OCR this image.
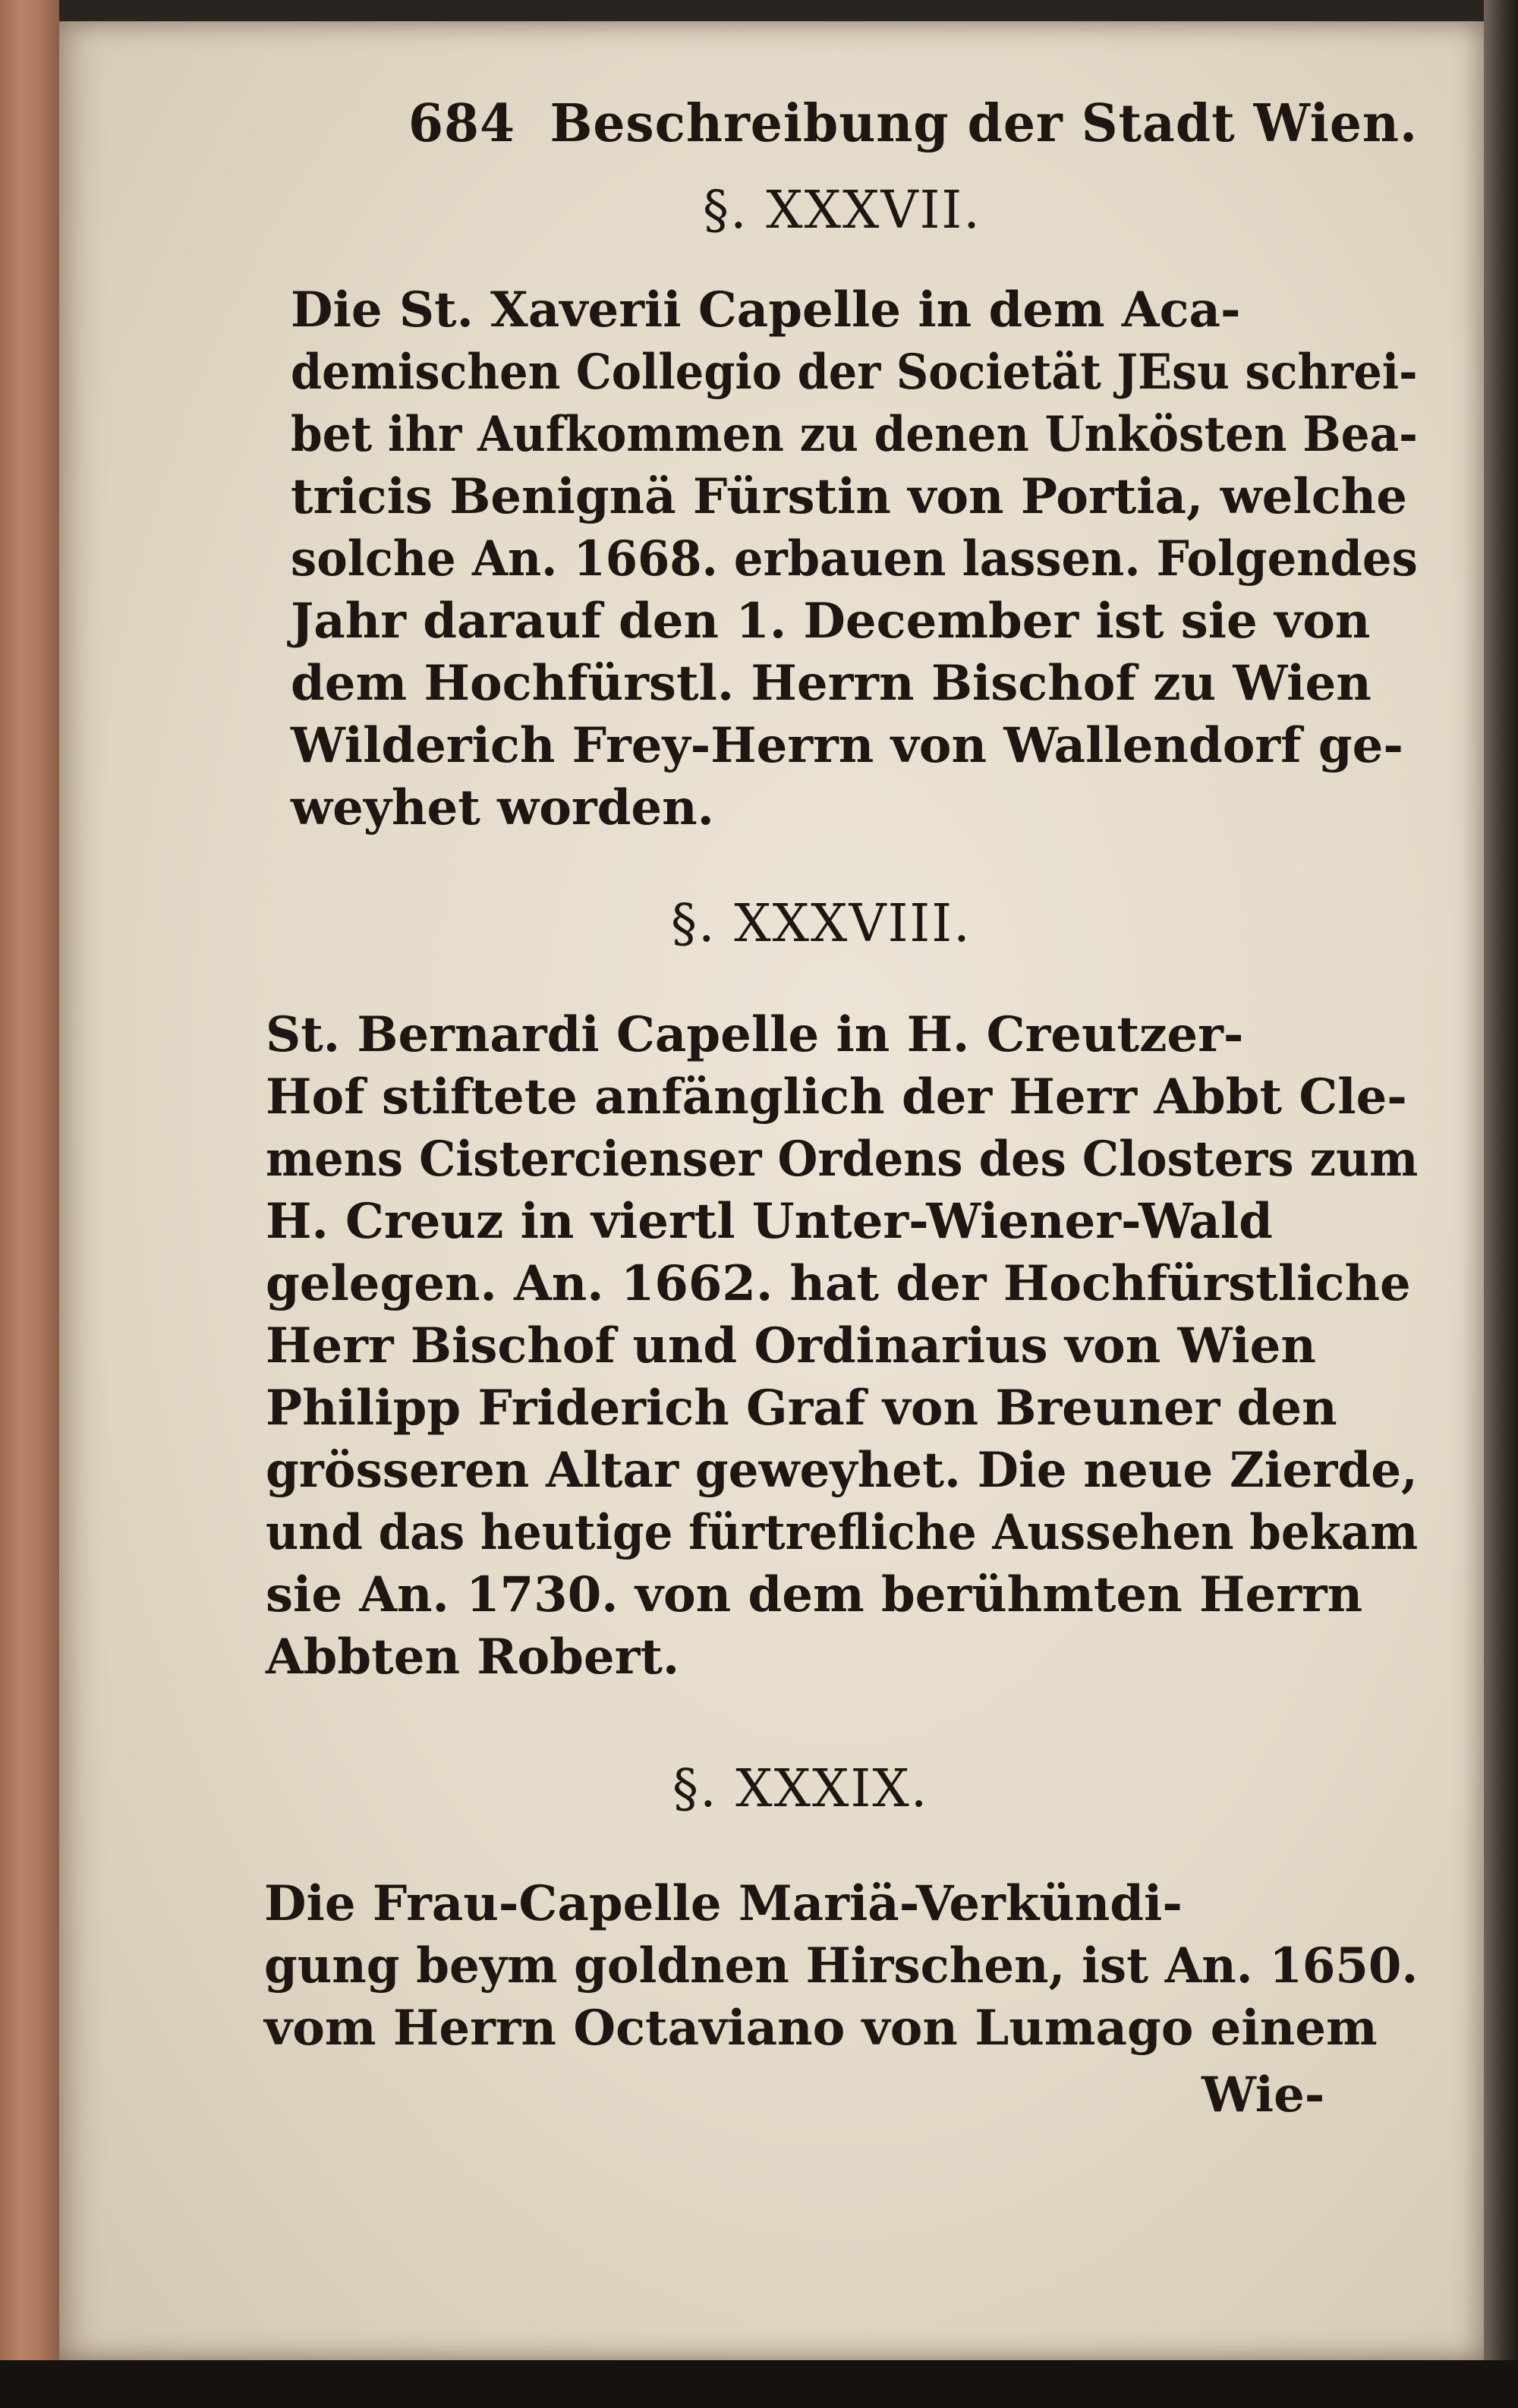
684 Beschreibung der Stadt Wien.
§. XXXVII.
Die St. Xaverii Capelle in dem Aca-
demischen Collegio der Societät JEsu schrei-
bet ihr Aufkommen zu denen Unkösten Bea-
tricis Benignä Fürstin von Portia, welche
solche An. 1668. erbauen lassen. Folgendes
Jahr darauf den 1. December ist sie von
dem Hochfürstl. Herrn Bischof zu Wien
Wilderich Frey-Herrn von Wallendorf ge-
weyhet worden.
§. XXXVIII.
St. Bernardi Capelle in H. Creutzer-
Hof stiftete anfänglich der Herr Abbt Cle-
mens Cistercienser Ordens des Closters zum
H. Creuz in viertl Unter-Wiener-Wald
gelegen. An. 1662. hat der Hochfürstliche
Herr Bischof und Ordinarius von Wien
Philipp Friderich Graf von Breuner den
grösseren Altar geweyhet. Die neue Zierde,
und das heutige fürtrefliche Aussehen bekam
sie An. 1730. von dem berühmten Herrn
Abbten Robert.
§. XXXIX.
Die Frau-Capelle Mariä-Verkündi-
gung beym goldnen Hirschen, ist An. 1650.
vom Herrn Octaviano von Lumago einem
Wie-
